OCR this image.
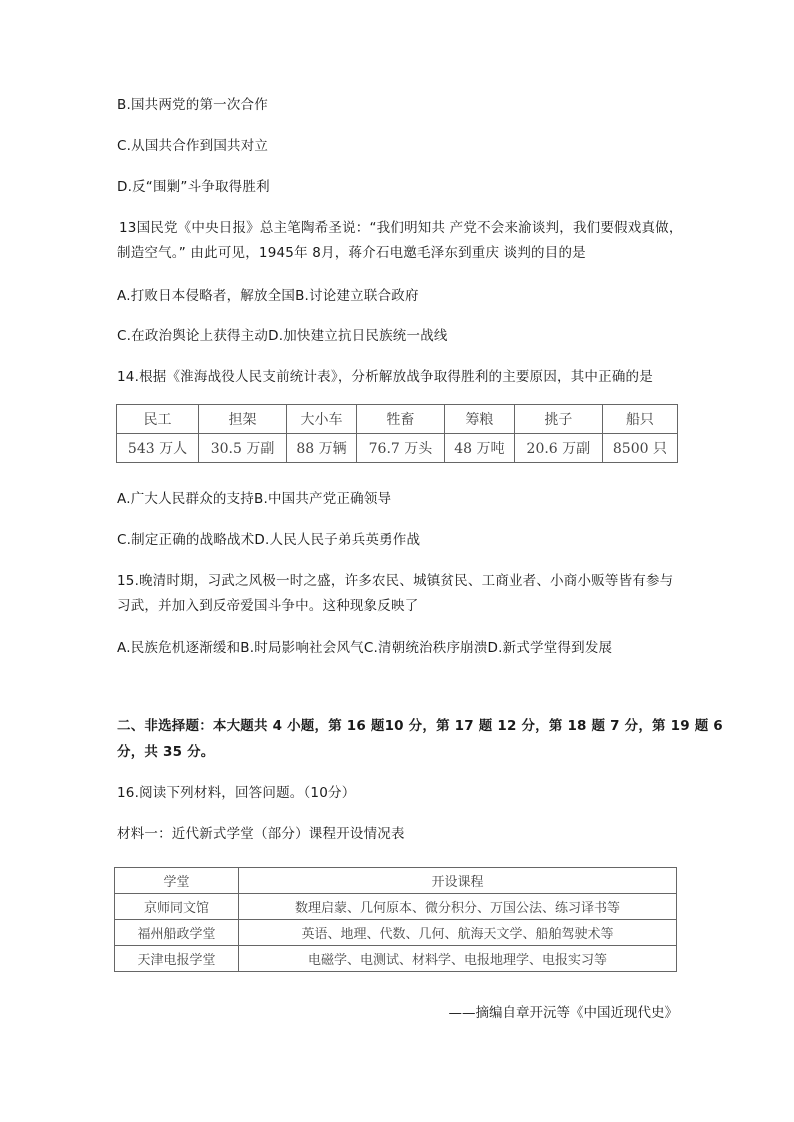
B.国共两党的第一次合作
C.从国共合作到国共对立
D.反“围剿”斗争取得胜利
13国民党《中央日报》总主笔陶希圣说：“我们明知共 产党不会来渝谈判，我们要假戏真做，
制造空气。” 由此可见，1945年 8月，蒋介石电邀毛泽东到重庆 谈判的目的是
A.打败日本侵略者，解放全国B.讨论建立联合政府
C.在政治舆论上获得主动D.加快建立抗日民族统一战线
14.根据《淮海战役人民支前统计表》，分析解放战争取得胜利的主要原因，其中正确的是
民工	担架	大小车	牲畜	筹粮	挑子	船只
543 万人	30.5 万副	88 万辆	76.7 万头	48 万吨	20.6 万副	8500 只
A.广大人民群众的支持B.中国共产党正确领导
C.制定正确的战略战术D.人民人民子弟兵英勇作战
15.晚清时期，习武之风极一时之盛，许多农民、城镇贫民、工商业者、小商小贩等皆有参与
习武，并加入到反帝爱国斗争中。这种现象反映了
A.民族危机逐渐缓和B.时局影响社会风气C.清朝统治秩序崩溃D.新式学堂得到发展
二、非选择题：本大题共 4 小题，第 16 题10 分，第 17 题 12 分，第 18 题 7 分，第 19 题 6
分，共 35 分。
16.阅读下列材料，回答问题。（10分）
材料一：近代新式学堂（部分）课程开设情况表
学堂	开设课程
京师同文馆	数理启蒙、几何原本、微分积分、万国公法、练习译书等
福州船政学堂	英语、地理、代数、几何、航海天文学、船舶驾驶术等
天津电报学堂	电磁学、电测试、材料学、电报地理学、电报实习等
——摘编自章开沅等《中国近现代史》
